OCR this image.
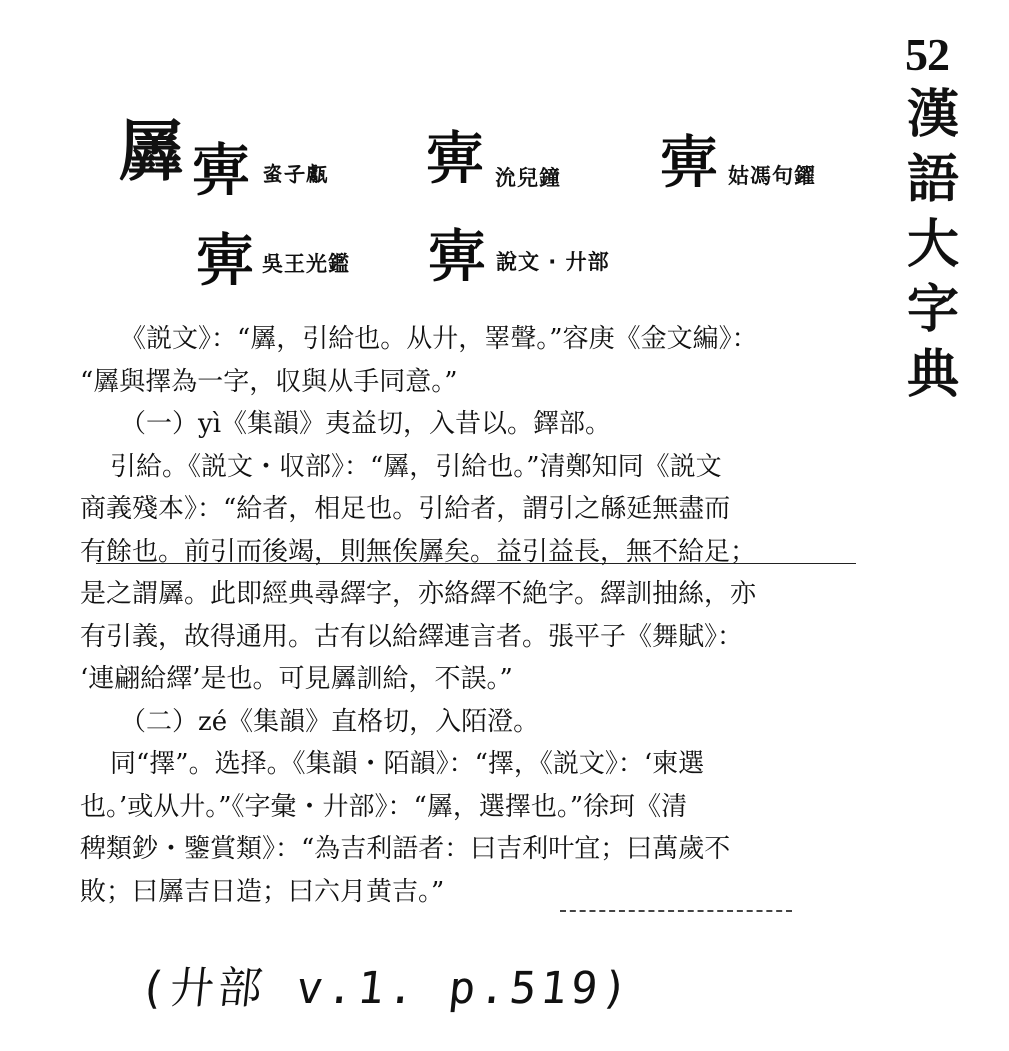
52
漢
語
大
字
典
羼 𢍚 𧊒子甗 𢍚 沇兒鐘 𢍚 姑馮句鑃
𢍚 吳王光鑑 𢍚 說文 · 廾部
《説文》：“羼，引給也。从廾，睪聲。”容庚《金文編》：
“羼與擇為一字，収與从手同意。”
（一）yì《集韻》夷益切，入昔以。鐸部。
引給。《説文・収部》：“羼，引給也。”清鄭知同《説文
商義殘本》：“給者，相足也。引給者，謂引之緜延無盡而
有餘也。前引而後竭，則無俟羼矣。益引益長，無不給足；
是之謂羼。此即經典尋繹字，亦絡繹不絶字。繹訓抽絲，亦
有引義，故得通用。古有以給繹連言者。張平子《舞賦》：
‘連翩給繹’是也。可見羼訓給，不誤。”
（二）zé《集韻》直格切，入陌澄。
同“擇”。选择。《集韻・陌韻》：“擇，《説文》：‘柬選
也。’或从廾。”《字彙・廾部》：“羼，選擇也。”徐珂《清
稗類鈔・鑒賞類》：“為吉利語者：曰吉利叶宜；曰萬歲不
敗；曰羼吉日造；曰六月黄吉。”
(廾部 v.1. p.519)
